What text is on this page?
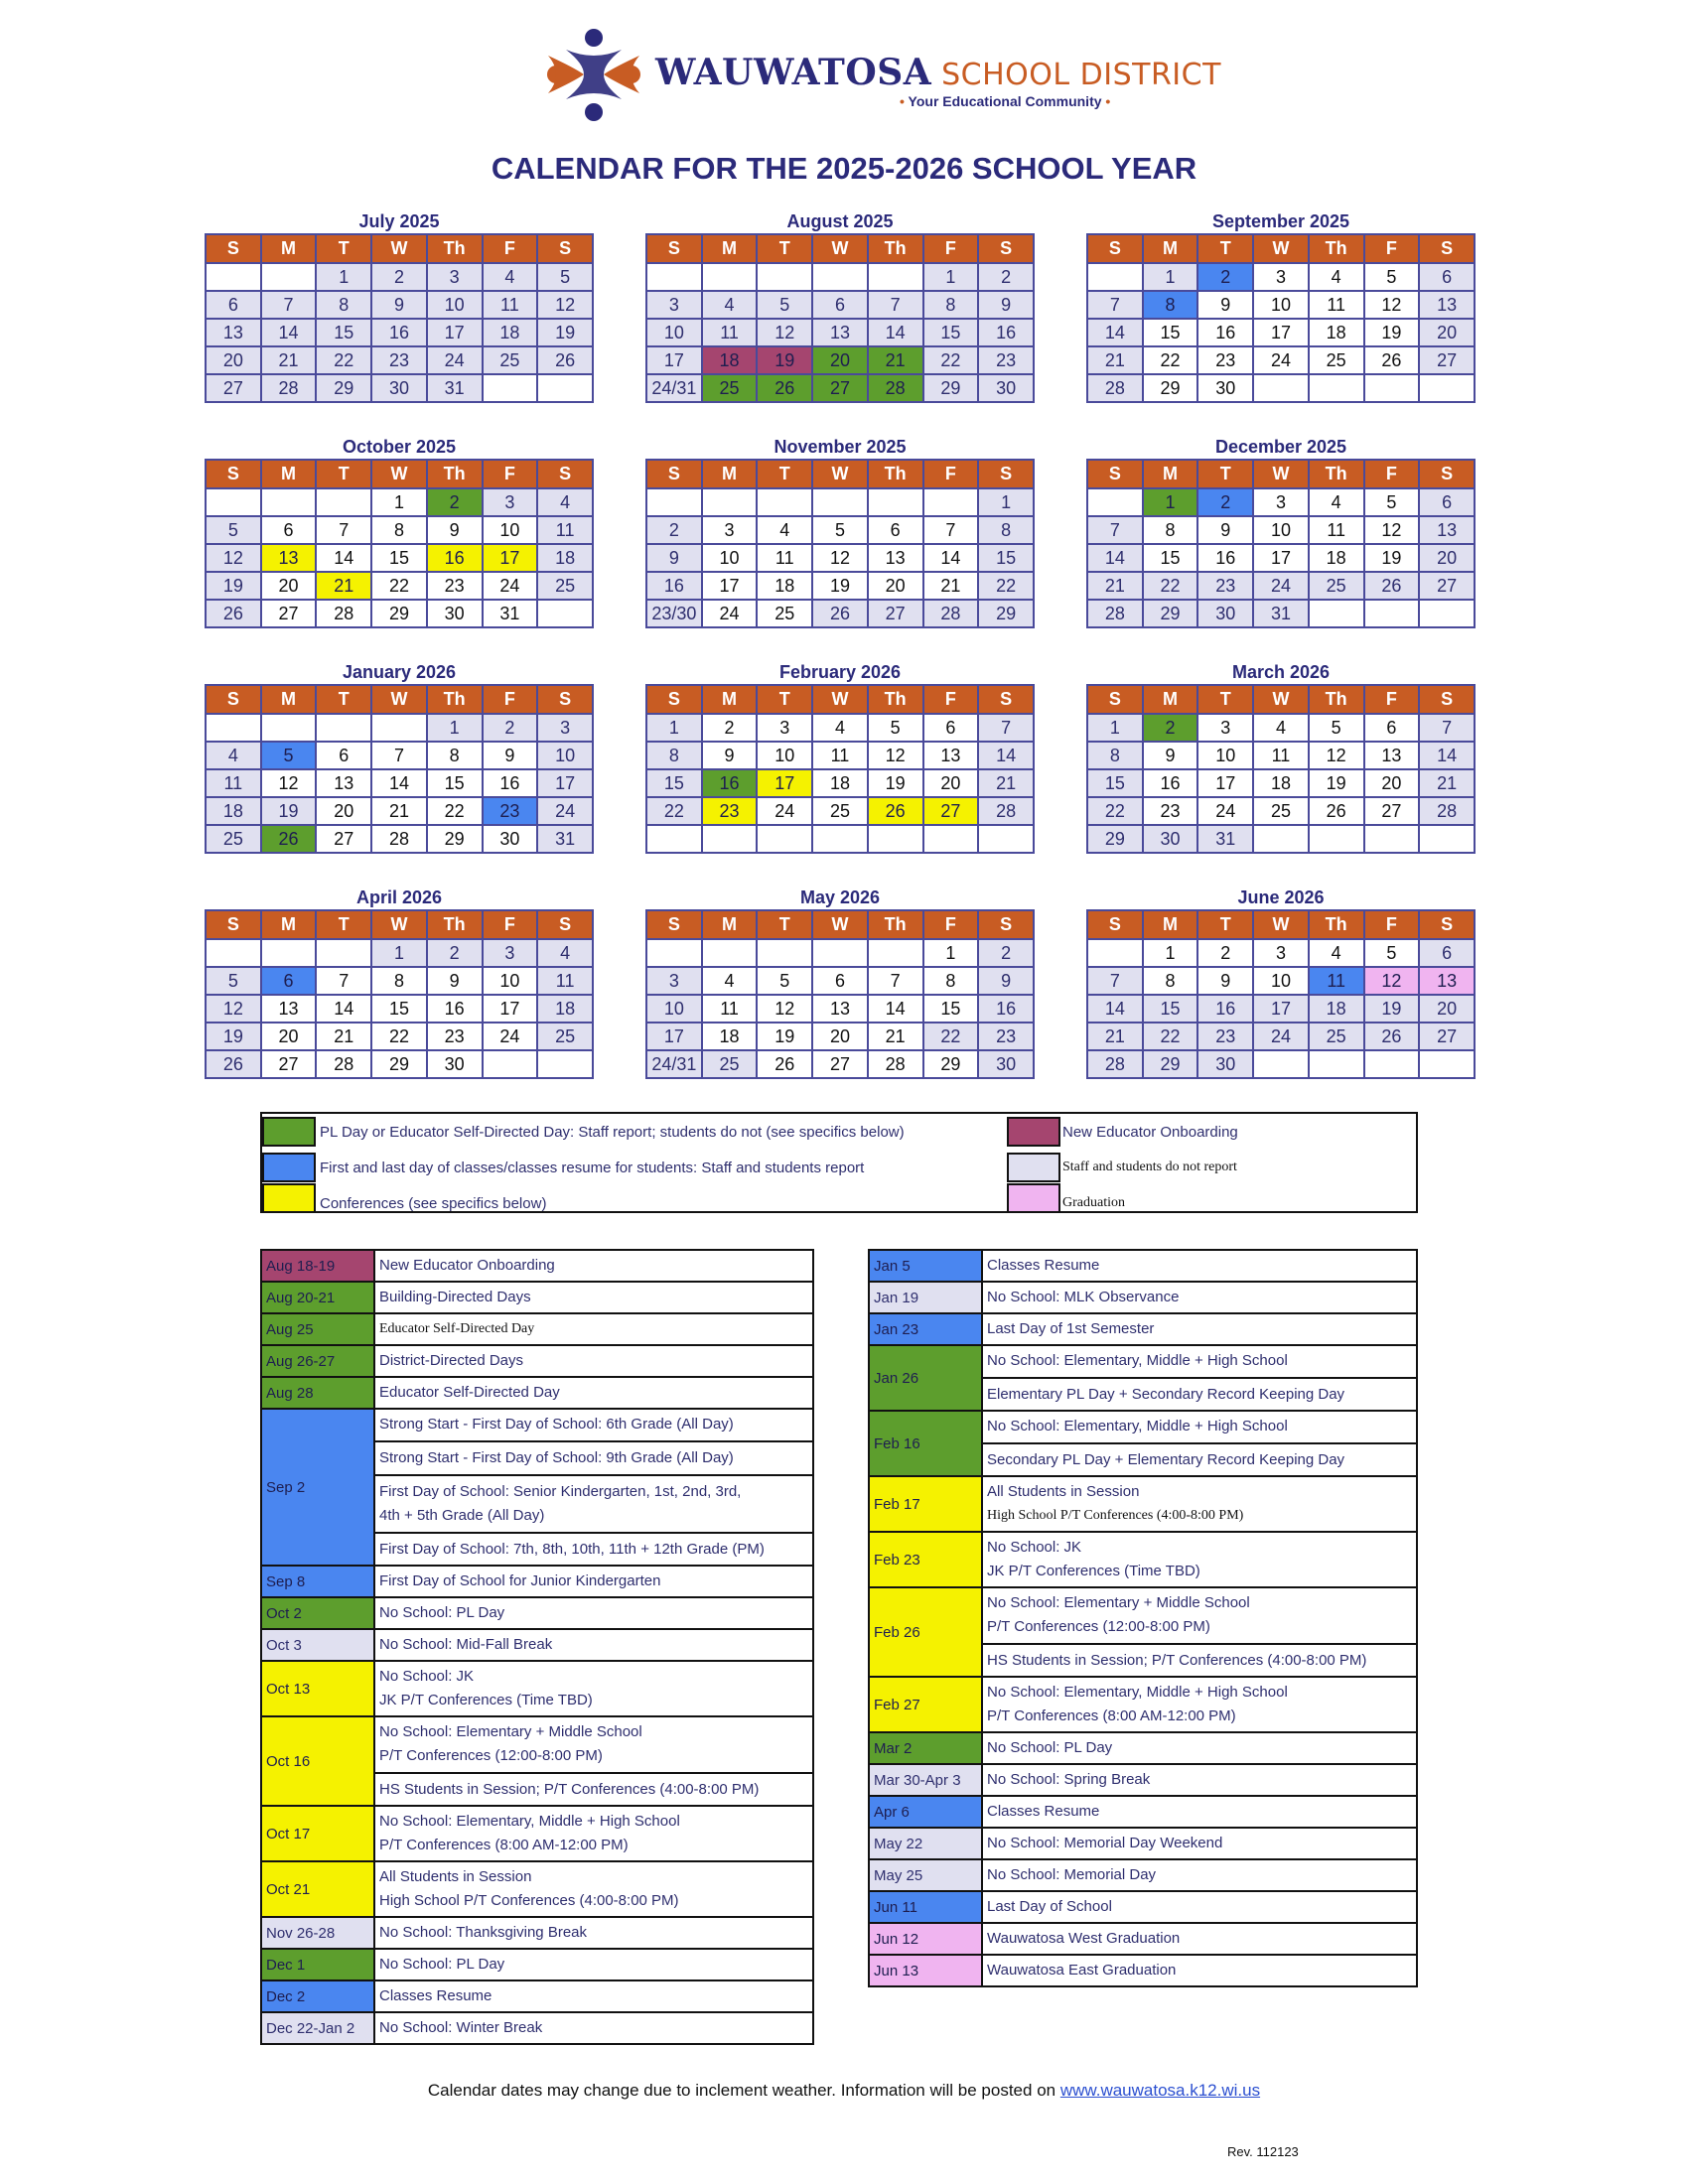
WAUWATOSA SCHOOL DISTRICT
• Your Educational Community •
CALENDAR FOR THE 2025-2026 SCHOOL YEAR
July 2025
S	M	T	W	Th	F	S
		1	2	3	4	5
6	7	8	9	10	11	12
13	14	15	16	17	18	19
20	21	22	23	24	25	26
27	28	29	30	31		
August 2025
S	M	T	W	Th	F	S
					1	2
3	4	5	6	7	8	9
10	11	12	13	14	15	16
17	18	19	20	21	22	23
24/31	25	26	27	28	29	30
September 2025
S	M	T	W	Th	F	S
	1	2	3	4	5	6
7	8	9	10	11	12	13
14	15	16	17	18	19	20
21	22	23	24	25	26	27
28	29	30				
October 2025
S	M	T	W	Th	F	S
			1	2	3	4
5	6	7	8	9	10	11
12	13	14	15	16	17	18
19	20	21	22	23	24	25
26	27	28	29	30	31	
November 2025
S	M	T	W	Th	F	S
						1
2	3	4	5	6	7	8
9	10	11	12	13	14	15
16	17	18	19	20	21	22
23/30	24	25	26	27	28	29
December 2025
S	M	T	W	Th	F	S
	1	2	3	4	5	6
7	8	9	10	11	12	13
14	15	16	17	18	19	20
21	22	23	24	25	26	27
28	29	30	31			
January 2026
S	M	T	W	Th	F	S
				1	2	3
4	5	6	7	8	9	10
11	12	13	14	15	16	17
18	19	20	21	22	23	24
25	26	27	28	29	30	31
February 2026
S	M	T	W	Th	F	S
1	2	3	4	5	6	7
8	9	10	11	12	13	14
15	16	17	18	19	20	21
22	23	24	25	26	27	28

March 2026
S	M	T	W	Th	F	S
1	2	3	4	5	6	7
8	9	10	11	12	13	14
15	16	17	18	19	20	21
22	23	24	25	26	27	28
29	30	31				
April 2026
S	M	T	W	Th	F	S
			1	2	3	4
5	6	7	8	9	10	11
12	13	14	15	16	17	18
19	20	21	22	23	24	25
26	27	28	29	30		
May 2026
S	M	T	W	Th	F	S
					1	2
3	4	5	6	7	8	9
10	11	12	13	14	15	16
17	18	19	20	21	22	23
24/31	25	26	27	28	29	30
June 2026
S	M	T	W	Th	F	S
	1	2	3	4	5	6
7	8	9	10	11	12	13
14	15	16	17	18	19	20
21	22	23	24	25	26	27
28	29	30				
PL Day or Educator Self-Directed Day: Staff report; students do not (see specifics below)
First and last day of classes/classes resume for students: Staff and students report
Conferences (see specifics below)
New Educator Onboarding
Staff and students do not report
Graduation
Aug 18-19	New Educator Onboarding

Aug 20-21	Building-Directed Days

Aug 25	Educator Self-Directed Day

Aug 26-27	District-Directed Days

Aug 28	Educator Self-Directed Day

Sep 2	Strong Start - First Day of School: 6th Grade (All Day)
Strong Start - First Day of School: 9th Grade (All Day)
First Day of School: Senior Kindergarten, 1st, 2nd, 3rd,
4th + 5th Grade (All Day)
First Day of School: 7th, 8th, 10th, 11th + 12th Grade (PM)

Sep 8	First Day of School for Junior Kindergarten

Oct 2	No School: PL Day

Oct 3	No School: Mid-Fall Break

Oct 13	No School: JK
JK P/T Conferences (Time TBD)

Oct 16	No School: Elementary + Middle School
P/T Conferences (12:00-8:00 PM)
HS Students in Session; P/T Conferences (4:00-8:00 PM)

Oct 17	No School: Elementary, Middle + High School
P/T Conferences (8:00 AM-12:00 PM)

Oct 21	All Students in Session
High School P/T Conferences (4:00-8:00 PM)

Nov 26-28	No School: Thanksgiving Break

Dec 1	No School: PL Day

Dec 2	Classes Resume

Dec 22-Jan 2	No School: Winter Break
Jan 5	Classes Resume

Jan 19	No School: MLK Observance

Jan 23	Last Day of 1st Semester

Jan 26	No School: Elementary, Middle + High School
Elementary PL Day + Secondary Record Keeping Day

Feb 16	No School: Elementary, Middle + High School
Secondary PL Day + Elementary Record Keeping Day

Feb 17	All Students in Session
High School P/T Conferences (4:00-8:00 PM)

Feb 23	No School: JK
JK P/T Conferences (Time TBD)

Feb 26	No School: Elementary + Middle School
P/T Conferences (12:00-8:00 PM)
HS Students in Session; P/T Conferences (4:00-8:00 PM)

Feb 27	No School: Elementary, Middle + High School
P/T Conferences (8:00 AM-12:00 PM)

Mar 2	No School: PL Day

Mar 30-Apr 3	No School: Spring Break

Apr 6	Classes Resume

May 22	No School: Memorial Day Weekend

May 25	No School: Memorial Day

Jun 11	Last Day of School

Jun 12	Wauwatosa West Graduation

Jun 13	Wauwatosa East Graduation
Calendar dates may change due to inclement weather. Information will be posted on www.wauwatosa.k12.wi.us
Rev. 112123
